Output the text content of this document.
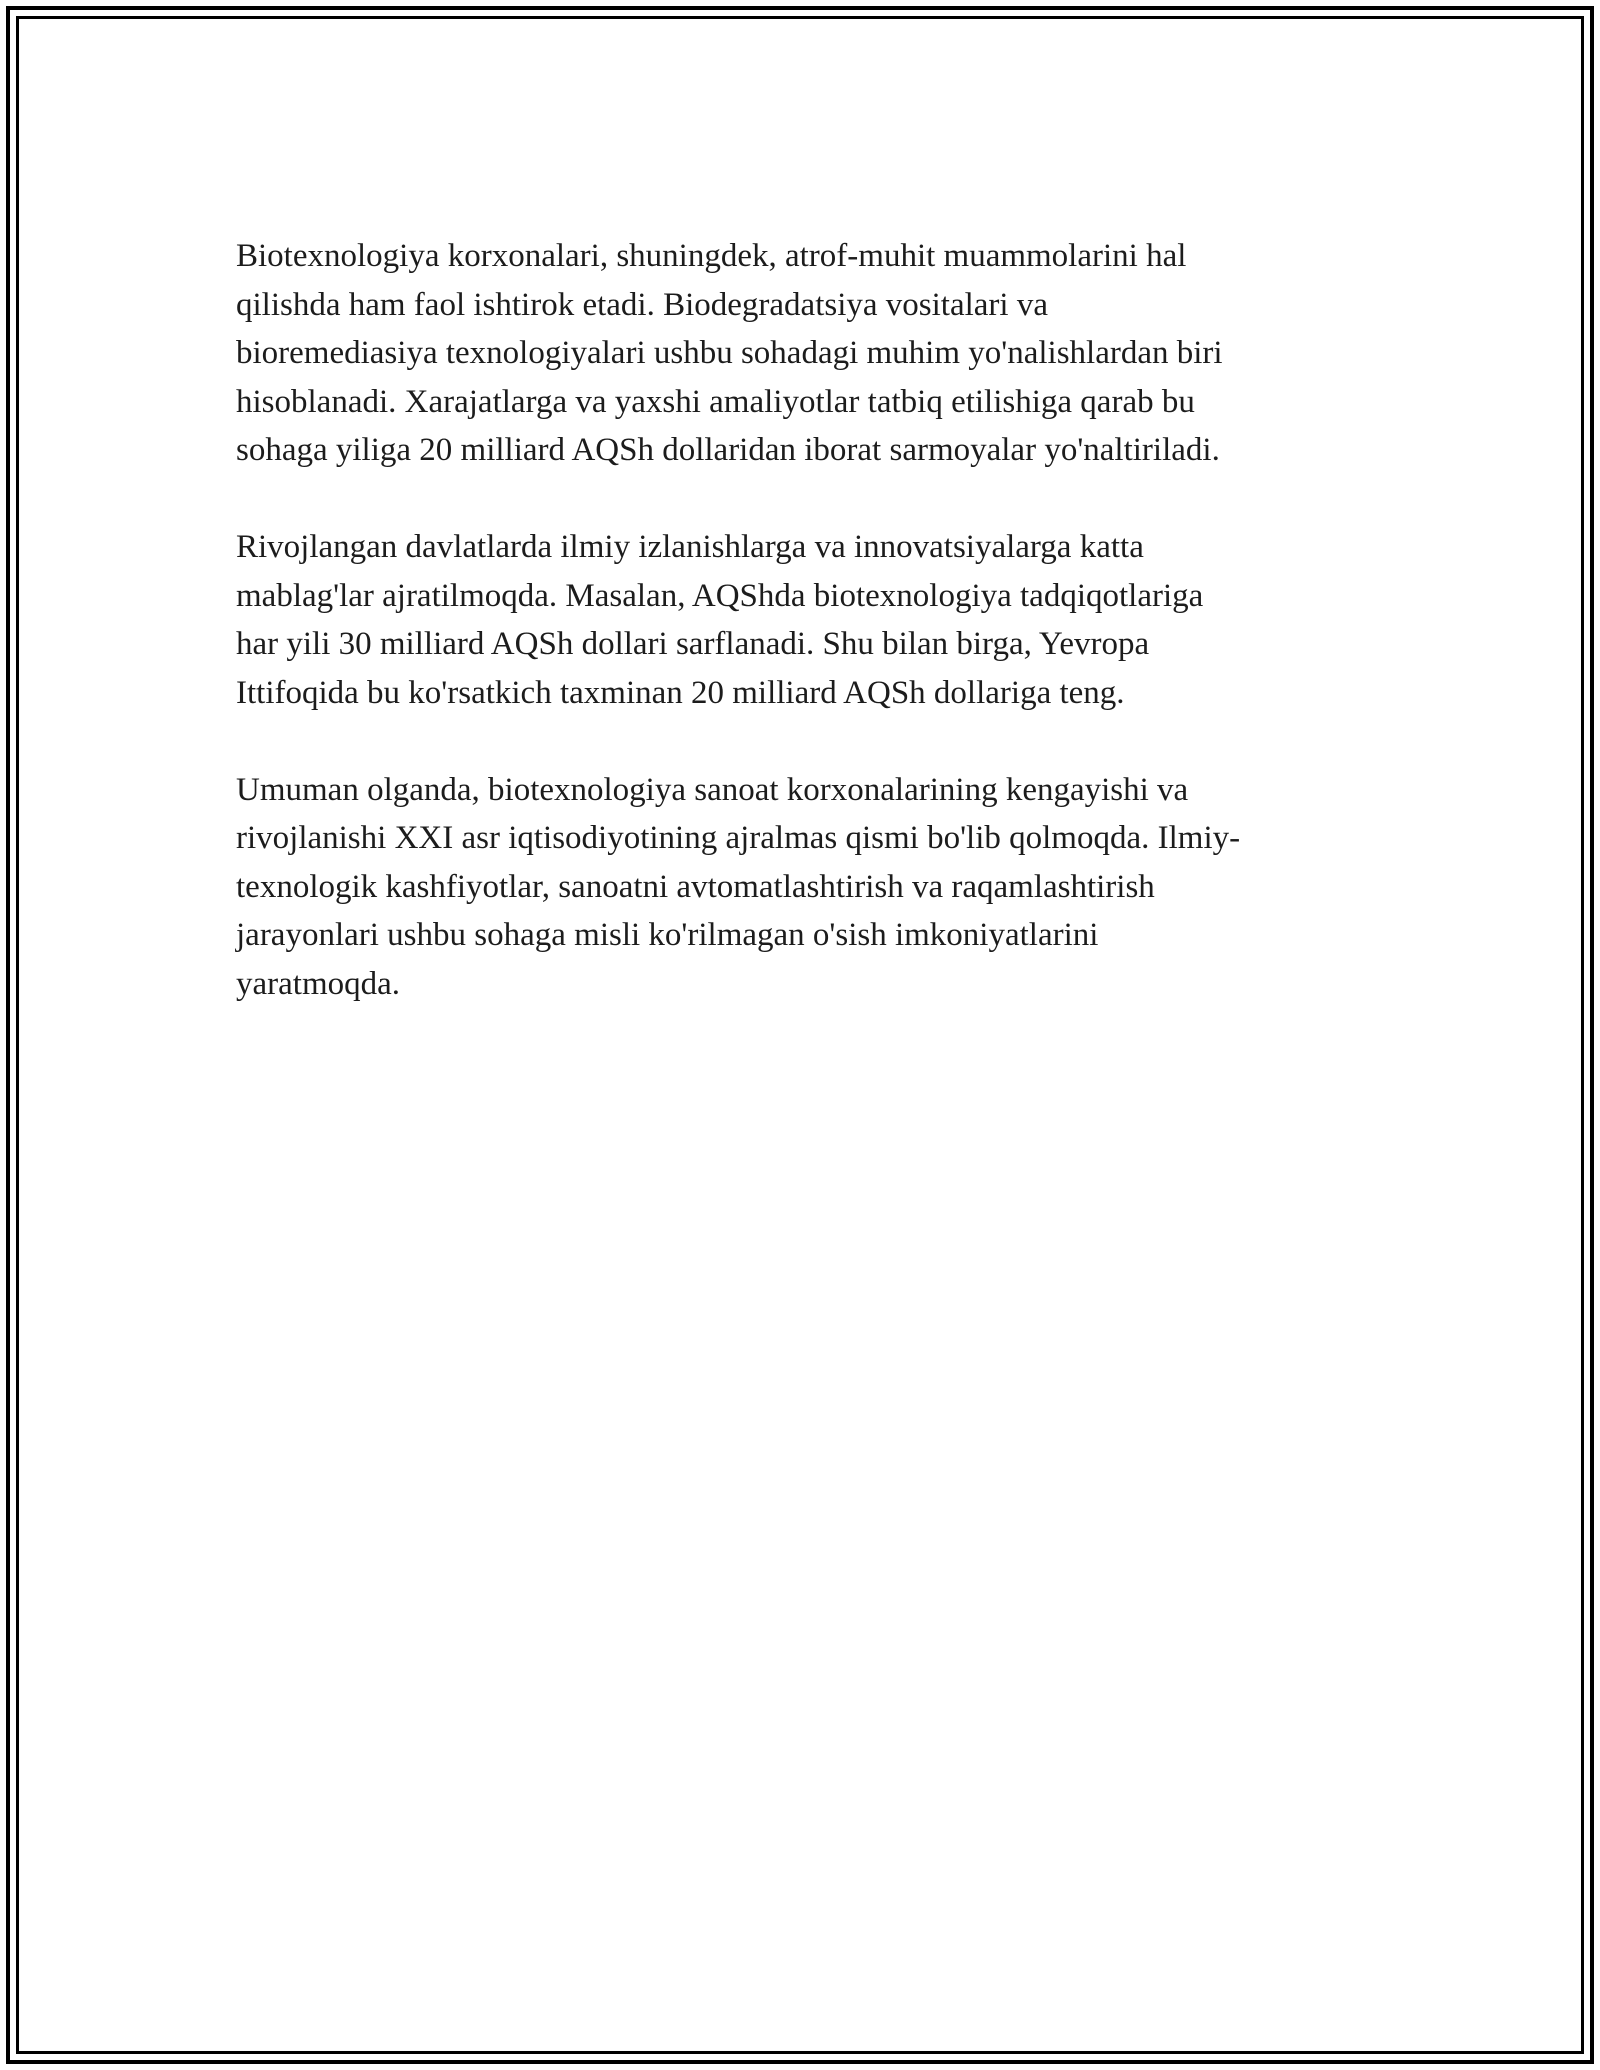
Biotexnologiya korxonalari, shuningdek, atrof-muhit muammolarini hal
qilishda ham faol ishtirok etadi. Biodegradatsiya vositalari va
bioremediasiya texnologiyalari ushbu sohadagi muhim yo'nalishlardan biri
hisoblanadi. Xarajatlarga va yaxshi amaliyotlar tatbiq etilishiga qarab bu
sohaga yiliga 20 milliard AQSh dollaridan iborat sarmoyalar yo'naltiriladi.

Rivojlangan davlatlarda ilmiy izlanishlarga va innovatsiyalarga katta
mablag'lar ajratilmoqda. Masalan, AQShda biotexnologiya tadqiqotlariga
har yili 30 milliard AQSh dollari sarflanadi. Shu bilan birga, Yevropa
Ittifoqida bu ko'rsatkich taxminan 20 milliard AQSh dollariga teng.

Umuman olganda, biotexnologiya sanoat korxonalarining kengayishi va
rivojlanishi XXI asr iqtisodiyotining ajralmas qismi bo'lib qolmoqda. Ilmiy-
texnologik kashfiyotlar, sanoatni avtomatlashtirish va raqamlashtirish
jarayonlari ushbu sohaga misli ko'rilmagan o'sish imkoniyatlarini
yaratmoqda.
